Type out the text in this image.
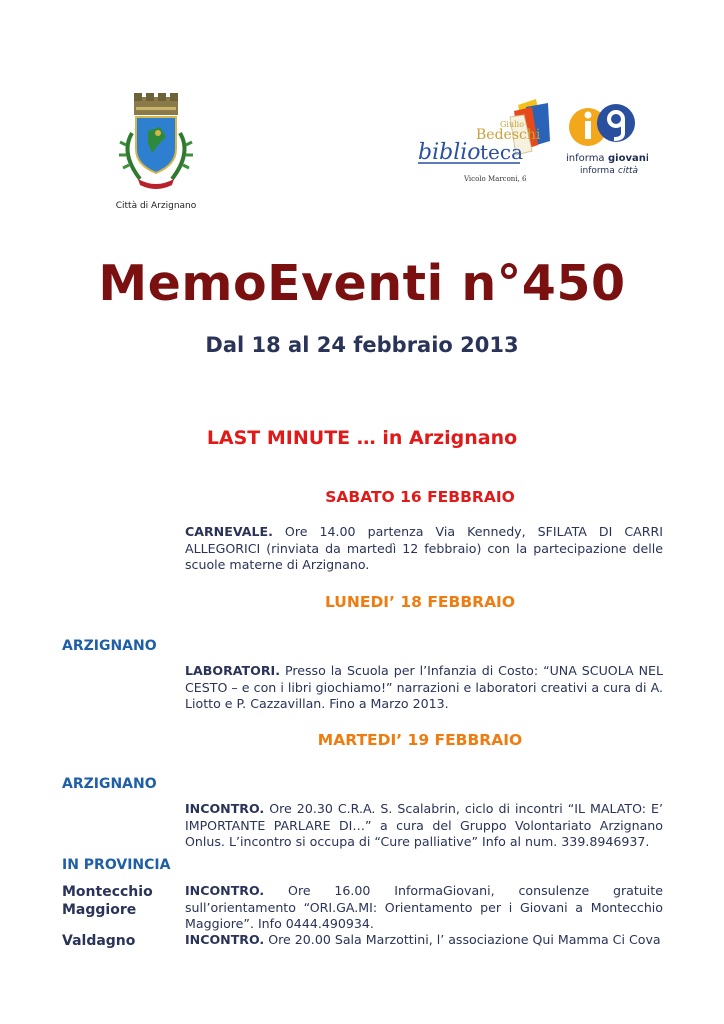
Città di Arzignano
Giulio
Bedeschi
biblio teca
Vicolo Marconi, 6
informa giovani
informa città
MemoEventi n°450
Dal 18 al 24 febbraio 2013
LAST MINUTE … in Arzignano
SABATO 16 FEBBRAIO
CARNEVALE. Ore 14.00 partenza Via Kennedy, SFILATA DI CARRI ALLEGORICI (rinviata da martedì 12 febbraio) con la partecipazione delle scuole materne di Arzignano.
LUNEDI’ 18 FEBBRAIO
ARZIGNANO
LABORATORI. Presso la Scuola per l’Infanzia di Costo: “UNA SCUOLA NEL CESTO – e con i libri giochiamo!” narrazioni e laboratori creativi a cura di A. Liotto e P. Cazzavillan. Fino a Marzo 2013.
MARTEDI’ 19 FEBBRAIO
ARZIGNANO
INCONTRO. Ore 20.30 C.R.A. S. Scalabrin, ciclo di incontri “IL MALATO: E’ IMPORTANTE PARLARE DI…” a cura del Gruppo Volontariato Arzignano Onlus. L’incontro si occupa di “Cure palliative” Info al num. 339.8946937.
IN PROVINCIA
Montecchio Maggiore
INCONTRO. Ore 16.00 InformaGiovani, consulenze gratuite sull’orientamento “ORI.GA.MI: Orientamento per i Giovani a Montecchio Maggiore”. Info 0444.490934.
Valdagno	INCONTRO. Ore 20.00 Sala Marzottini, l’ associazione Qui Mamma Ci Cova
